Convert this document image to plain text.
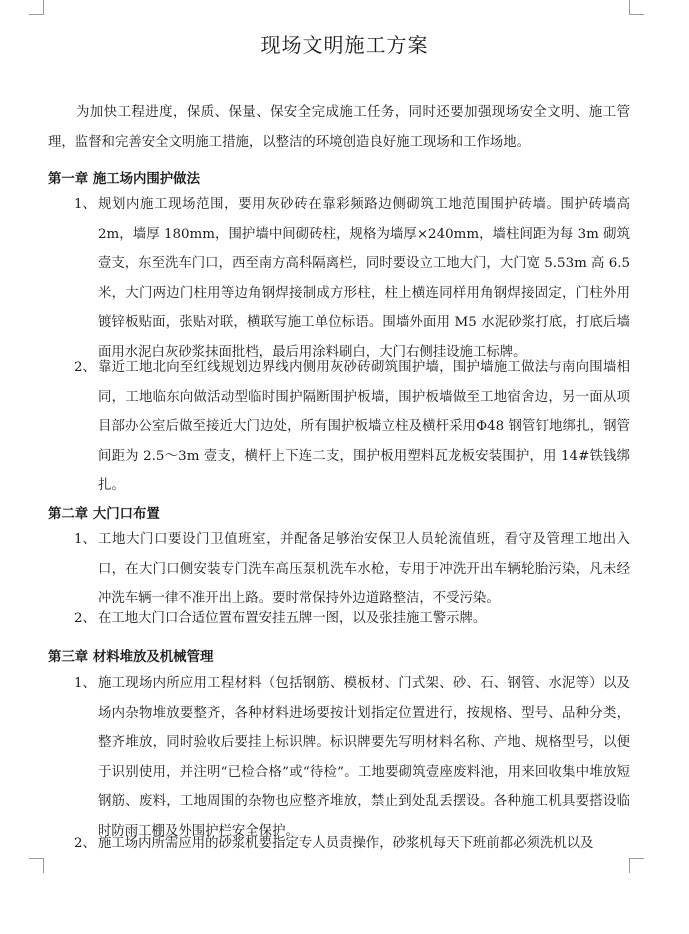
现场文明施工方案

为加快工程进度，保质、保量、保安全完成施工任务，同时还要加强现场安全文明、施工管理，监督和完善安全文明施工措施，以整洁的环境创造良好施工现场和工作场地。

第一章 施工场内围护做法
1、 规划内施工现场范围，要用灰砂砖在靠彩频路边侧砌筑工地范围围护砖墙。围护砖墙高 2m，墙厚 180mm，围护墙中间砌砖柱，规格为墙厚×240mm，墙柱间距为每 3m 砌筑壹支，东至洗车门口，西至南方高科隔离栏，同时要设立工地大门，大门宽 5.53m 高 6.5 米，大门两边门柱用等边角钢焊接制成方形柱，柱上横连同样用角钢焊接固定，门柱外用镀锌板贴面，张贴对联，横联写施工单位标语。围墙外面用 M5 水泥砂浆打底，打底后墙面用水泥白灰砂浆抹面批档，最后用涂料刷白，大门右侧挂设施工标牌。
2、 靠近工地北向至红线规划边界线内侧用灰砂砖砌筑围护墙，围护墙施工做法与南向围墙相同，工地临东向做活动型临时围护隔断围护板墙，围护板墙做至工地宿舍边，另一面从项目部办公室后做至接近大门边处，所有围护板墙立柱及横杆采用Φ48 钢管钉地绑扎，钢管间距为 2.5～3m 壹支，横杆上下连二支，围护板用塑料瓦龙板安装围护，用 14#铁钱绑扎。
第二章 大门口布置
1、 工地大门口要设门卫值班室，并配备足够治安保卫人员轮流值班，看守及管理工地出入口，在大门口侧安装专门洗车高压泵机洗车水枪，专用于冲洗开出车辆轮胎污染，凡未经冲洗车辆一律不准开出上路。要时常保持外边道路整洁，不受污染。
2、 在工地大门口合适位置布置安挂五牌一图，以及张挂施工警示牌。
第三章 材料堆放及机械管理
1、 施工现场内所应用工程材料（包括钢筋、模板材、门式架、砂、石、钢管、水泥等）以及场内杂物堆放要整齐，各种材料进场要按计划指定位置进行，按规格、型号、品种分类，整齐堆放，同时验收后要挂上标识牌。标识牌要先写明材料名称、产地、规格型号，以便于识别使用，并注明“已检合格”或“待检”。工地要砌筑壹座废料池，用来回收集中堆放短钢筋、废料，工地周围的杂物也应整齐堆放，禁止到处乱丢摆设。各种施工机具要搭设临时防雨工棚及外围护栏安全保护。
2、 施工场内所需应用的砂浆机要指定专人员责操作，砂浆机每天下班前都必须洗机以及
